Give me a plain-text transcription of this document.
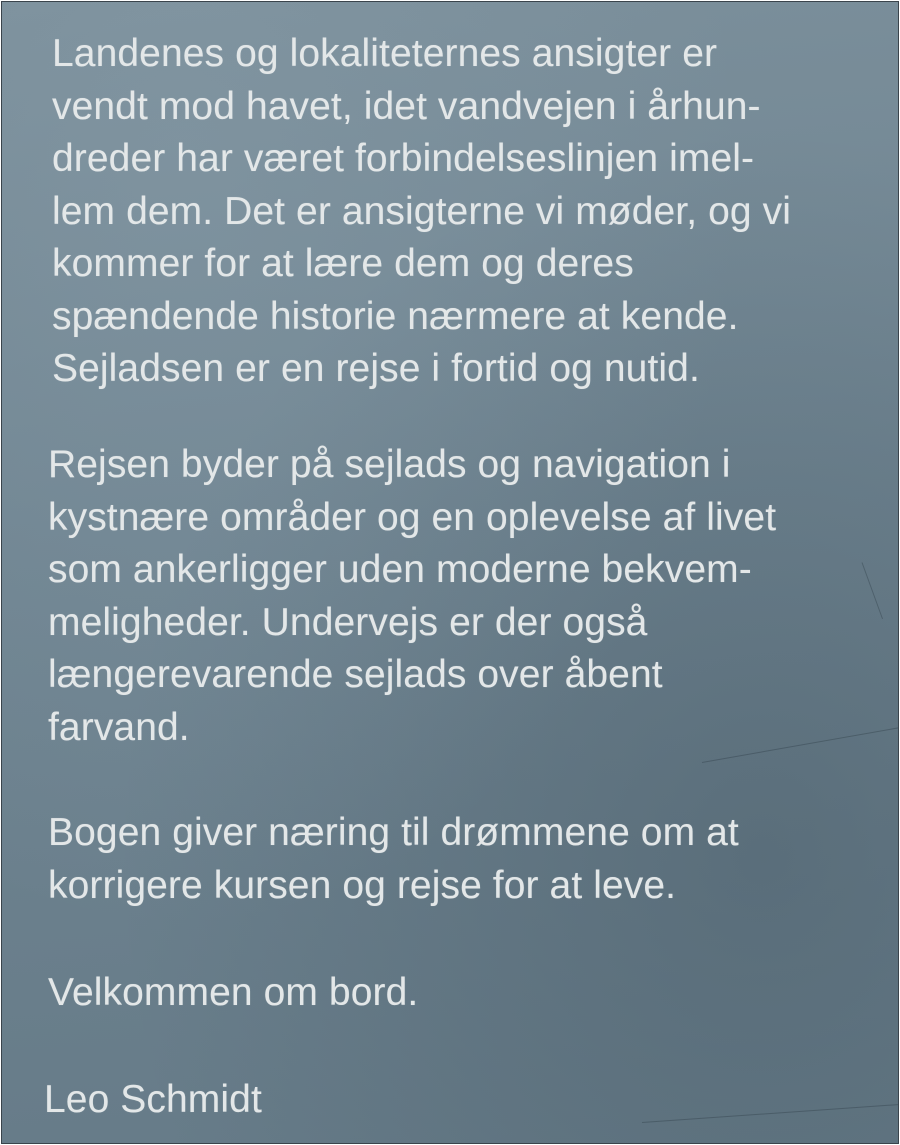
Landenes og lokaliteternes ansigter er
vendt mod havet, idet vandvejen i århun-
dreder har været forbindelseslinjen imel-
lem dem. Det er ansigterne vi møder, og vi
kommer for at lære dem og deres
spændende historie nærmere at kende.
Sejladsen er en rejse i fortid og nutid.
Rejsen byder på sejlads og navigation i
kystnære områder og en oplevelse af livet
som ankerligger uden moderne bekvem-
meligheder. Undervejs er der også
længerevarende sejlads over åbent
farvand.
Bogen giver næring til drømmene om at
korrigere kursen og rejse for at leve.
Velkommen om bord.
Leo Schmidt
